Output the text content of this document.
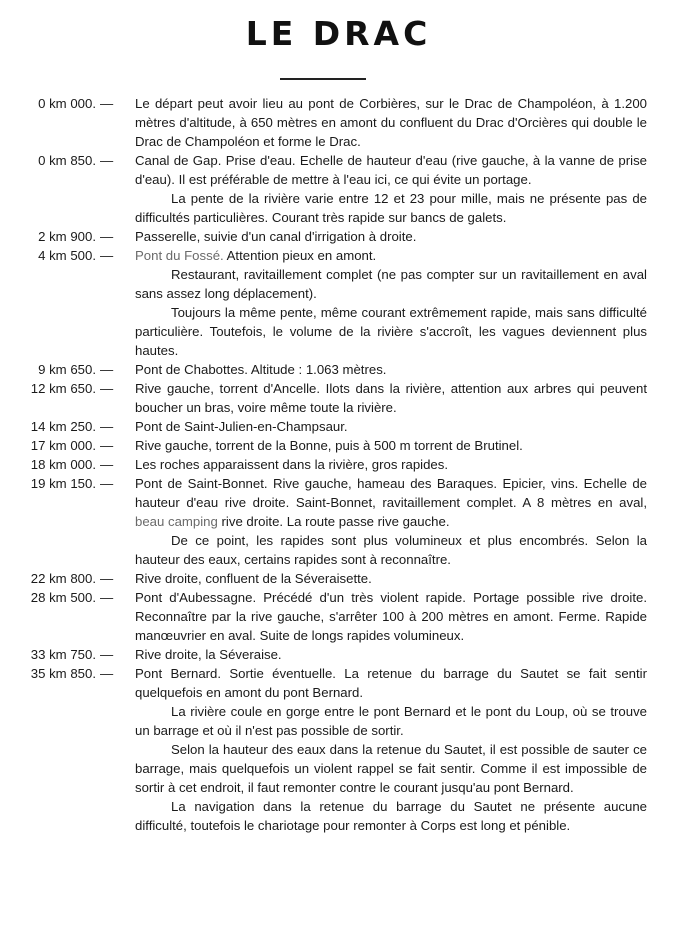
LE DRAC
0 km 000. —	Le départ peut avoir lieu au pont de Corbières, sur le Drac de Champoléon, à 1.200 mètres d'altitude, à 650 mètres en amont du confluent du Drac d'Orcières qui double le Drac de Champoléon et forme le Drac.

0 km 850. —	Canal de Gap. Prise d'eau. Echelle de hauteur d'eau (rive gauche, à la vanne de prise d'eau). Il est préférable de mettre à l'eau ici, ce qui évite un portage.

La pente de la rivière varie entre 12 et 23 pour mille, mais ne présente pas de difficultés particulières. Courant très rapide sur bancs de galets.

2 km 900. —	Passerelle, suivie d'un canal d'irrigation à droite.

4 km 500. —	Pont du Fossé. Attention pieux en amont.

Restaurant, ravitaillement complet (ne pas compter sur un ravitaillement en aval sans assez long déplacement).

Toujours la même pente, même courant extrêmement rapide, mais sans difficulté particulière. Toutefois, le volume de la rivière s'accroît, les vagues deviennent plus hautes.

9 km 650. —	Pont de Chabottes. Altitude : 1.063 mètres.

12 km 650. —	Rive gauche, torrent d'Ancelle. Ilots dans la rivière, attention aux arbres qui peuvent boucher un bras, voire même toute la rivière.

14 km 250. —	Pont de Saint-Julien-en-Champsaur.

17 km 000. —	Rive gauche, torrent de la Bonne, puis à 500 m torrent de Brutinel.

18 km 000. —	Les roches apparaissent dans la rivière, gros rapides.

19 km 150. —	Pont de Saint-Bonnet. Rive gauche, hameau des Baraques. Epicier, vins. Echelle de hauteur d'eau rive droite. Saint-Bonnet, ravitaillement complet. A 8 mètres en aval, beau camping rive droite. La route passe rive gauche.

De ce point, les rapides sont plus volumineux et plus encombrés. Selon la hauteur des eaux, certains rapides sont à reconnaître.

22 km 800. —	Rive droite, confluent de la Séveraisette.

28 km 500. —	Pont d'Aubessagne. Précédé d'un très violent rapide. Portage possible rive droite. Reconnaître par la rive gauche, s'arrêter 100 à 200 mètres en amont. Ferme. Rapide manœuvrier en aval. Suite de longs rapides volumineux.

33 km 750. —	Rive droite, la Séveraise.

35 km 850. —	Pont Bernard. Sortie éventuelle. La retenue du barrage du Sautet se fait sentir quelquefois en amont du pont Bernard.

La rivière coule en gorge entre le pont Bernard et le pont du Loup, où se trouve un barrage et où il n'est pas possible de sortir.

Selon la hauteur des eaux dans la retenue du Sautet, il est possible de sauter ce barrage, mais quelquefois un violent rappel se fait sentir. Comme il est impossible de sortir à cet endroit, il faut remonter contre le courant jusqu'au pont Bernard.

La navigation dans la retenue du barrage du Sautet ne présente aucune difficulté, toutefois le chariotage pour remonter à Corps est long et pénible.
